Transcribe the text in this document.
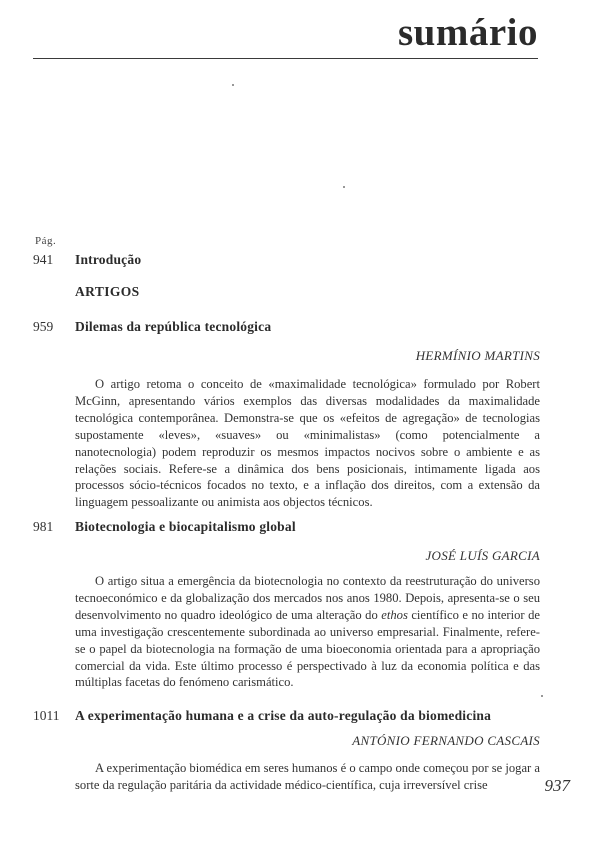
sumário
Pág.
941	Introdução
ARTIGOS
959	Dilemas da república tecnológica
HERMÍNIO MARTINS

O artigo retoma o conceito de «maximalidade tecnológica» formulado por Robert McGinn, apresentando vários exemplos das diversas modalidades da maximalidade tecnológica contemporânea. Demonstra-se que os «efeitos de agregação» de tecnologias supostamente «leves», «suaves» ou «minimalistas» (como potencialmente a nanotecnologia) podem reproduzir os mesmos impactos nocivos sobre o ambiente e as relações sociais. Refere-se a dinâmica dos bens posicionais, intimamente ligada aos processos sócio-técnicos focados no texto, e a inflação dos direitos, com a extensão da linguagem pessoalizante ou animista aos objectos técnicos.

981	Biotecnologia e biocapitalismo global
JOSÉ LUÍS GARCIA

O artigo situa a emergência da biotecnologia no contexto da reestruturação do universo tecnoeconómico e da globalização dos mercados nos anos 1980. Depois, apresenta-se o seu desenvolvimento no quadro ideológico de uma alteração do ethos científico e no interior de uma investigação crescentemente subordinada ao universo empresarial. Finalmente, refere-se o papel da biotecnologia na formação de uma bioeconomia orientada para a apropriação comercial da vida. Este último processo é perspectivado à luz da economia política e das múltiplas facetas do fenómeno carismático.

1011	A experimentação humana e a crise da auto-regulação da biomedicina
ANTÓNIO FERNANDO CASCAIS

A experimentação biomédica em seres humanos é o campo onde começou por se jogar a sorte da regulação paritária da actividade médico-científica, cuja irreversível crise	937
